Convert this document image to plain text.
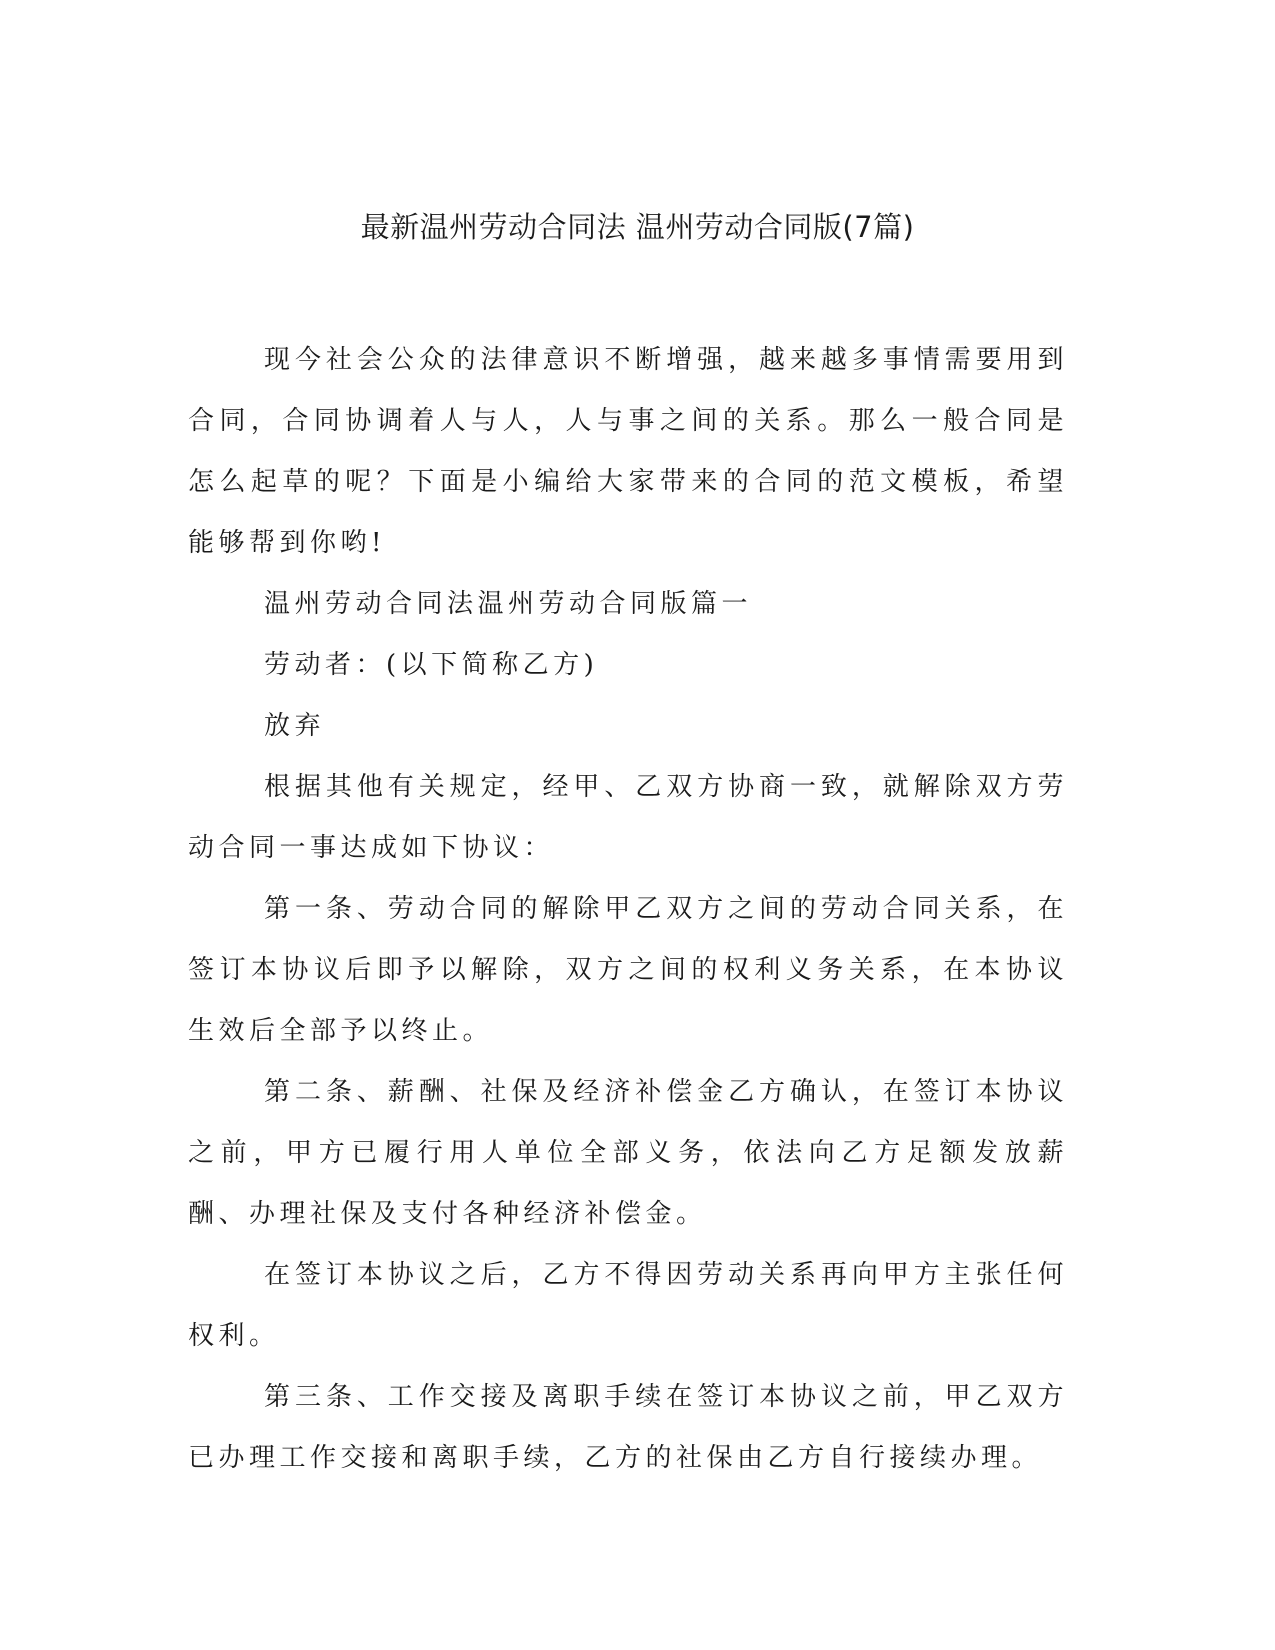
最新温州劳动合同法 温州劳动合同版(7篇)

现今社会公众的法律意识不断增强，越来越多事情需要用到合同，合同协调着人与人，人与事之间的关系。那么一般合同是怎么起草的呢？下面是小编给大家带来的合同的范文模板，希望能够帮到你哟!

温州劳动合同法温州劳动合同版篇一

劳动者：(以下简称乙方)

放弃

根据其他有关规定，经甲、乙双方协商一致，就解除双方劳动合同一事达成如下协议：

第一条、劳动合同的解除甲乙双方之间的劳动合同关系，在签订本协议后即予以解除，双方之间的权利义务关系，在本协议生效后全部予以终止。

第二条、薪酬、社保及经济补偿金乙方确认，在签订本协议之前，甲方已履行用人单位全部义务，依法向乙方足额发放薪酬、办理社保及支付各种经济补偿金。

在签订本协议之后，乙方不得因劳动关系再向甲方主张任何权利。

第三条、工作交接及离职手续在签订本协议之前，甲乙双方已办理工作交接和离职手续，乙方的社保由乙方自行接续办理。
